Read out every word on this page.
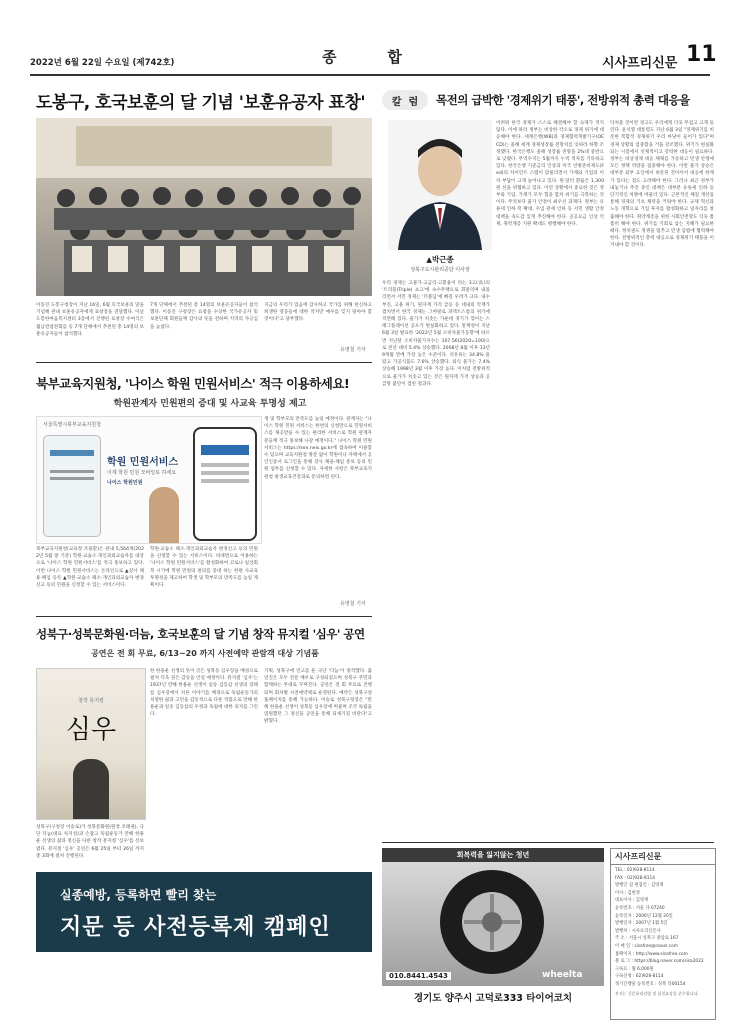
2022년 6월 22일 수요일 (제742호)	종    합	시사프리신문 11
도봉구, 호국보훈의 달 기념 '보훈유공자 표창'
이동진 도봉구청장이 지난 16일, 6월 호국보훈의 달을 기념해 관내 보훈유공자에게 표창장을 전달했다. 이날 도봉한마음복지센터 3층에서 진행된 표창장 수여식은 월남전참전회를 등 7개 단체에서 추천된 총 14명의 보훈유공자들이 참석했다.
7개 단체에서 추천된 총 14명의 보훈유공자들이 참석했다. 이동진 구청장은 표창을 수상한 국가유공자 및 보훈단체 회원들께 감사의 뜻을 전하며 지역의 자긍심을 높였다.
지금의 우리가 있음에 감사하고 국가를 위해 헌신하고 희생한 영웅들에 대한 작지만 예우를 잊지 말아야 할 것이다"고 당부했다.
유영철 기자
북부교육지원청, '나이스 학원 민원서비스' 적극 이용하세요!
학원관계자 민원편의 증대 및 사교육 투명성 제고
서울특별시북부교육지원청
학원 민원서비스
이제 학원 민원 모바일로 하세요
나이스 학원민원
생 및 학부모의 만족도를 높일 예정이다. 관계자는 "나이스 학원 민원 서비스는 한번의 신청만으로 민원서비스를 제공받을 수 있는 편리한 서비스로 학원 관계자 분들께 적극 홍보해 나갈 예정이다." 나이스 학원 민원서비스는 https://sen.neis.go.kr에 접속하여 이용할 수 있으며 교육지원청 방문 없이 학원이나 자택에서 공인인증서 로그인을 통해 강사 채용·해임 통보 등의 민원 업무를 신청할 수 있다. 자세한 사항은 북부교육지원청 평생교육건강과로 문의하면 된다.
북부교육지원청(교육장 조용환)은 관내 5,564개(2022년 5월 말 기준) 학원·교습소·개인과외교습자를 대상으로 '나이스 학원 민원서비스'를 적극 홍보하고 있다. 이번 나이스 학원 민원서비스는 온라인으로 ▲강사 채용·해임 등록 ▲학원·교습소 폐소·개인과외교습자 변경신고 등의 민원을 신청할 수 있는 서비스이다.
학원·교습소 폐소·개인과외교습자 변경신고 등의 민원을 신청할 수 있는 서비스이다. 비대면으로 이용하는 '나이스 학원 민원서비스'를 활성화하여 코로나 일상회복 시기에 학원 민원의 편의를 증대 하는 한편 사교육 투명성을 제고하여 학생 및 학부모의 만족도를 높일 계획이다.
유영철 기자
성북구·성북문화원·더늠, 호국보훈의 달 기념 창작 뮤지컬 '심우' 공연
공연은 전 회 무료, 6/13~20 까지 사전예약 관람객 대상 기념품
창작 뮤지컬
심우
성북구(구청장 이승로)가 성북문화원(원장 조태권), 극단 더늠(대표 차지성)과 손잡고 독립운동가 만해 한용운 선생의 삶과 정신을 다룬 창작 뮤지컬 '심우'를 선보였다. 뮤지컬 '심우' 공연은 6월 25일 부터 26일 까지 총 3회에 걸쳐 진행된다.
한 한용운 선생의 뜻이 깃든 성북동 심우장을 배경으로 펼쳐 더욱 깊은 감동을 안길 예정이다. 뮤지컬 '심우'는 1937년 만해 한용운 선생이 일송 김동삼 선생의 장례를 심우장에서 치른 이야기를 배경으로 독립운동가의 치열한 삶과 고민을 감동적으로 다룬 작품으로 만해 한용운과 일송 김동삼의 우정과 독립에 대한 의지를 그린다.
기획, 성북구에 연고를 둔 극단 '더늠'이 창작했다. 출연진은 모두 전문 배우로 구성되었으며 성북구 주민과 함께하는 무대로 꾸며진다. 공연은 전 회 무료로 진행되며 회차별 사전예약제로 운영된다. 예약은 성북구청 홈페이지를 통해 가능하다. 이승로 성북구청장은 "만해 한용운 선생이 성북동 심우장에 머물며 조국 독립을 염원했던 그 정신을 공연을 통해 되새기길 바란다"고 밝혔다.
실종예방, 등록하면 빨리 찾는
지문 등 사전등록제 캠페인
칼  럼	목전의 급박한 '경제위기 태풍', 전방위적 총력 대응을
▲박근종
성북구도시관리공단 이사장
우리 경제는 고물가·고금리·고환율이 라는 3고(高)의 '트리플(Triple) 쇼크'에 속수무책으로 휘말리며 내몰리면서 서민 경제는 '더블딥'에 빠질 우려가 크다. 내수 부진, 고용 위기, 원자재 가격 급등 등 대내외 악재가 겹치면서 한국 경제는 그야말로 퍼펙트스톰의 위기에 직면해 있다. 물가가 치솟는 가운데 경기가 꺾이는 스태그플레이션 공포가 현실화하고 있다. 통계청이 지난 6월 3일 발표한 '2022년 5월 소비자물가동향'에 따르면 지난달 소비자물가지수는 107.56(2020=100)으로 전년 대비 5.4% 상승했다. 2008년 8월 이후 13년 9개월 만에 가장 높은 수준이다. 석유류는 34.8% 올랐고 가공식품도 7.6% 상승했다. 외식 물가는 7.4% 상승해 1998년 3월 이후 가장 높다. 이처럼 전방위적으로 물가가 치솟고 있는 것은 원자재 가격 상승과 공급망 불안이 겹친 결과다.
어려워 한국 경제가 스스로 해결해야 할 숙제가 적지 않다. 이에 따라 정부는 비상한 각오로 경제 위기에 대응해야 한다. 세계은행(WB)과 경제협력개발기구(OECD)는 올해 세계 경제성장률 전망치를 잇따라 하향 조정했다. 한국은행도 올해 성장률 전망을 2%대 중반으로 낮췄다. 무역수지는 5월까지 누적 적자를 기록하고 있다. 한국은행 기준금리 인상과 미국 연방준비제도(Fed)의 자이언트 스텝이 맞물리면서 가계와 기업의 이자 부담이 크게 늘어나고 있다. 원·달러 환율은 1,300원 선을 위협하고 있다. 이런 상황에서 중요한 것은 정부와 기업, 가계가 모두 힘을 합쳐 위기를 극복하는 것이다. 무엇보다 물가 안정이 최우선 과제다. 정부는 유류세 인하 폭 확대, 수입 관세 인하 등 서민 생활 안정 대책을 속도감 있게 추진해야 한다. 공공요금 인상 억제, 취약계층 지원 확대도 병행해야 한다.
닥쳐올 것이란 경고도 우리에게 더욱 무겁고 크게 들린다. 윤석열 대통령도 지난 6월 3일 "경제위기를 비롯한 복합적 경제위기 우리 마당이 들어가 있다"며 경제 상황의 엄중함을 거듭 강조했다. 위기가 현실화 되는 시점에서 선제적이고 강력한 대응이 필요하다. 정부는 비상경제 대응 체제를 가동하고 민생 안정에 모든 정책 역량을 집중해야 한다. 이번 물가 상승은 대부분 외부 요인에서 비롯된 것이어서 대응에 한계가 있다는 점도 고려해야 한다. 그러나 최근 정부가 내놓거나 추진 중인 대책은 대부분 유류세 인하 등 단기적인 처방에 머물러 있다. 근본적인 체질 개선을 통해 경제의 기초 체력을 키워야 한다. 규제 혁신과 노동 개혁으로 기업 투자를 활성화하고 일자리를 창출해야 한다. 취약계층을 위한 사회안전망도 더욱 촘촘히 해야 한다. 위기를 기회로 삼는 지혜가 필요한 때다. 정치권도 정쟁을 멈추고 민생 입법에 협력해야 한다. 전방위적인 총력 대응으로 경제위기 태풍을 이겨내야 할 것이다.
회복력을 잃지않는 청년
010.8441.4543	wheelta
경기도 양주시 고덕로333 타이어코치
시사프리신문
TEL : 02)928-8114
FAX : 02)928-8114
발행인 겸 편집인 : 김영재
이사 : 김현정
대표이사 : 김영재
등록번호 : 서울 다 07240
등록일자 : 2006년 12월 20일
발행일자 : 2007년 1월 5일
발행처 : 시사프리신문사
주 소 : 서울시 성북구 종암로 167
이 메 일 : sisafree@naver.com
홈페이지 : http://www.sisafree.com
블 로 그 : https://blog.naver.com/sisa2022
구독료 : 월 6,000원
구독신청 : 02)928-8114
정기간행물 등록번호 : 성북 라00154
본지는 신문윤리강령 및 실천요강을 준수합니다.
